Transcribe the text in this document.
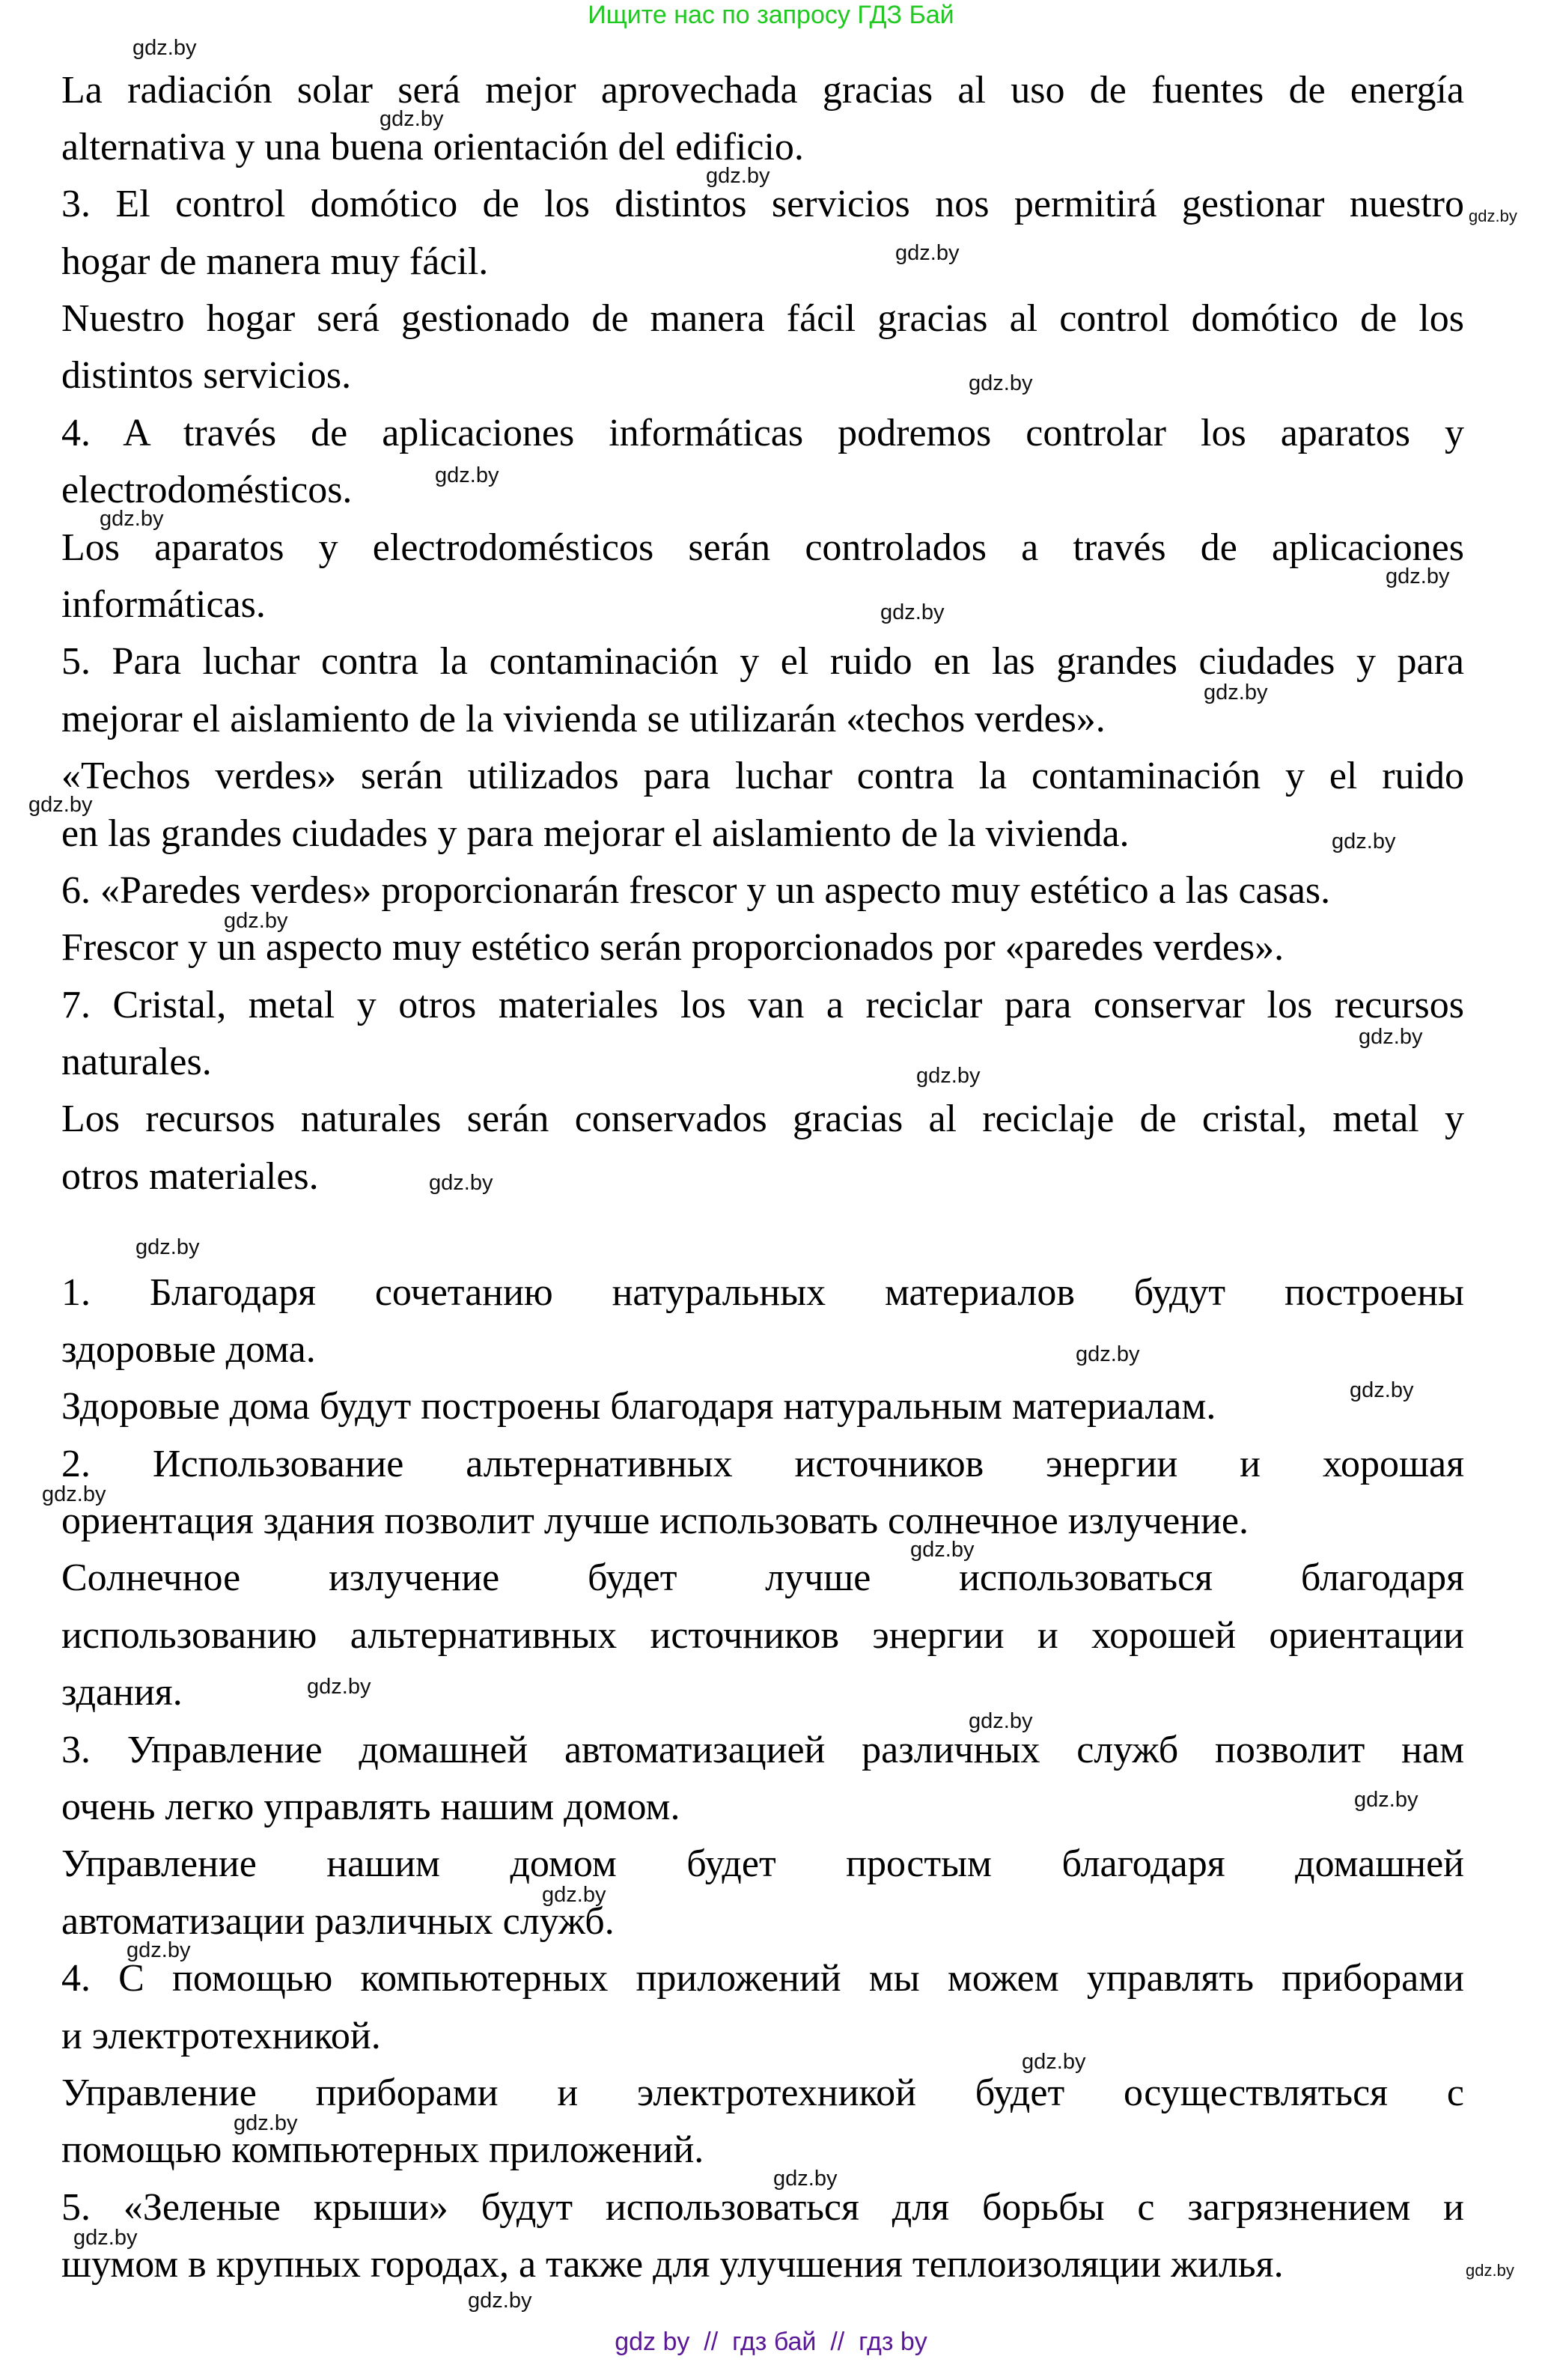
Ищите нас по запросу ГДЗ Бай
La radiación solar será mejor aprovechada gracias al uso de fuentes de energía
alternativa y una buena orientación del edificio.
3. El control domótico de los distintos servicios nos permitirá gestionar nuestro
hogar de manera muy fácil.
Nuestro hogar será gestionado de manera fácil gracias al control domótico de los
distintos servicios.
4. A través de aplicaciones informáticas podremos controlar los aparatos y
electrodomésticos.
Los aparatos y electrodomésticos serán controlados a través de aplicaciones
informáticas.
5. Para luchar contra la contaminación y el ruido en las grandes ciudades y para
mejorar el aislamiento de la vivienda se utilizarán «techos verdes».
«Techos verdes» serán utilizados para luchar contra la contaminación y el ruido
en las grandes ciudades y para mejorar el aislamiento de la vivienda.
6. «Paredes verdes» proporcionarán frescor y un aspecto muy estético a las casas.
Frescor y un aspecto muy estético serán proporcionados por «paredes verdes».
7. Cristal, metal y otros materiales los van a reciclar para conservar los recursos
naturales.
Los recursos naturales serán conservados gracias al reciclaje de cristal, metal y
otros materiales.
1. Благодаря сочетанию натуральных материалов будут построены
здоровые дома.
Здоровые дома будут построены благодаря натуральным материалам.
2. Использование альтернативных источников энергии и хорошая
ориентация здания позволит лучше использовать солнечное излучение.
Солнечное излучение будет лучше использоваться благодаря
использованию альтернативных источников энергии и хорошей ориентации
здания.
3. Управление домашней автоматизацией различных служб позволит нам
очень легко управлять нашим домом.
Управление нашим домом будет простым благодаря домашней
автоматизации различных служб.
4. С помощью компьютерных приложений мы можем управлять приборами
и электротехникой.
Управление приборами и электротехникой будет осуществляться с
помощью компьютерных приложений.
5. «Зеленые крыши» будут использоваться для борьбы с загрязнением и
шумом в крупных городах, а также для улучшения теплоизоляции жилья.
gdz.by
gdz.by
gdz.by
gdz.by
gdz.by
gdz.by
gdz.by
gdz.by
gdz.by
gdz.by
gdz.by
gdz.by
gdz.by
gdz.by
gdz.by
gdz.by
gdz.by
gdz.by
gdz.by
gdz.by
gdz.by
gdz.by
gdz.by
gdz.by
gdz.by
gdz.by
gdz.by
gdz.by
gdz.by
gdz.by
gdz.by
gdz.by
gdz.by
gdz by  //  гдз бай  //  гдз by
